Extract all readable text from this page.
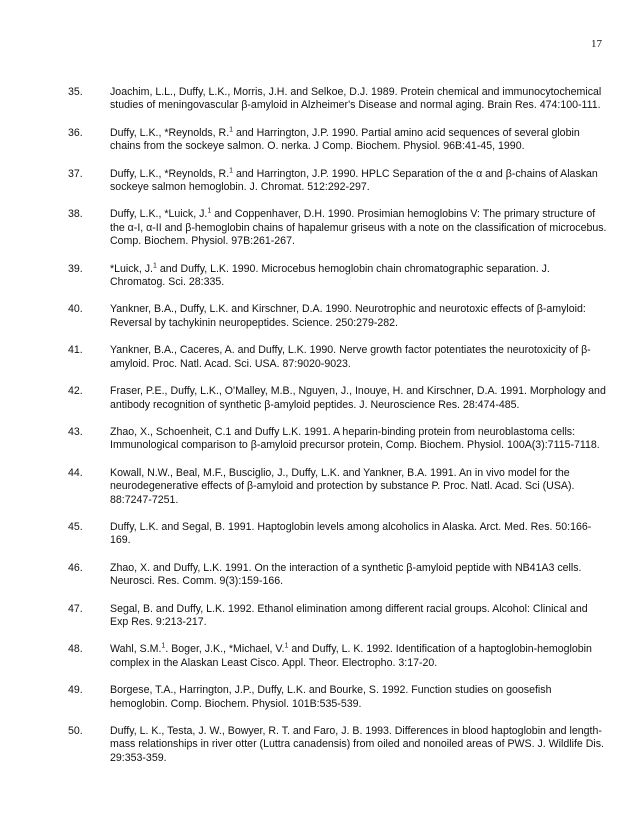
17
35.	Joachim, L.L., Duffy, L.K., Morris, J.H. and Selkoe, D.J. 1989. Protein chemical and immunocytochemical studies of meningovascular β-amyloid in Alzheimer's Disease and normal aging. Brain Res. 474:100-111.
36.	Duffy, L.K., *Reynolds, R.$^1$ and Harrington, J.P. 1990. Partial amino acid sequences of several globin chains from the sockeye salmon. O. nerka. J Comp. Biochem. Physiol. 96B:41-45, 1990.
37.	Duffy, L.K., *Reynolds, R.$^1$ and Harrington, J.P. 1990. HPLC Separation of the α and β-chains of Alaskan sockeye salmon hemoglobin. J. Chromat. 512:292-297.
38.	Duffy, L.K., *Luick, J.$^1$ and Coppenhaver, D.H. 1990. Prosimian hemoglobins V: The primary structure of the α-I, α-II and β-hemoglobin chains of hapalemur griseus with a note on the classification of microcebus. Comp. Biochem. Physiol. 97B:261-267.
39.	*Luick, J.$^1$ and Duffy, L.K. 1990. Microcebus hemoglobin chain chromatographic separation. J. Chromatog. Sci. 28:335.
40.	Yankner, B.A., Duffy, L.K. and Kirschner, D.A. 1990. Neurotrophic and neurotoxic effects of β-amyloid: Reversal by tachykinin neuropeptides. Science. 250:279-282.
41.	Yankner, B.A., Caceres, A. and Duffy, L.K. 1990. Nerve growth factor potentiates the neurotoxicity of β-amyloid. Proc. Natl. Acad. Sci. USA. 87:9020-9023.
42.	Fraser, P.E., Duffy, L.K., O'Malley, M.B., Nguyen, J., Inouye, H. and Kirschner, D.A. 1991. Morphology and antibody recognition of synthetic β-amyloid peptides. J. Neuroscience Res. 28:474-485.
43.	Zhao, X., Schoenheit, C.1 and Duffy L.K. 1991. A heparin-binding protein from neuroblastoma cells: Immunological comparison to β-amyloid precursor protein, Comp. Biochem. Physiol. 100A(3):7115-7118.
44.	Kowall, N.W., Beal, M.F., Busciglio, J., Duffy, L.K. and Yankner, B.A. 1991. An in vivo model for the neurodegenerative effects of β-amyloid and protection by substance P. Proc. Natl. Acad. Sci (USA). 88:7247-7251.
45.	Duffy, L.K. and Segal, B. 1991. Haptoglobin levels among alcoholics in Alaska. Arct. Med. Res. 50:166-169.
46.	Zhao, X. and Duffy, L.K. 1991. On the interaction of a synthetic β-amyloid peptide with NB41A3 cells. Neurosci. Res. Comm. 9(3):159-166.
47.	Segal, B. and Duffy, L.K. 1992. Ethanol elimination among different racial groups. Alcohol: Clinical and Exp Res. 9:213-217.
48.	Wahl, S.M.$^1$. Boger, J.K., *Michael, V.$^1$ and Duffy, L. K. 1992. Identification of a haptoglobin-hemoglobin complex in the Alaskan Least Cisco. Appl. Theor. Electropho. 3:17-20.
49.	Borgese, T.A., Harrington, J.P., Duffy, L.K. and Bourke, S. 1992. Function studies on goosefish hemoglobin. Comp. Biochem. Physiol. 101B:535-539.
50.	Duffy, L. K., Testa, J. W., Bowyer, R. T. and Faro, J. B. 1993. Differences in blood haptoglobin and length-mass relationships in river otter (Luttra canadensis) from oiled and nonoiled areas of PWS. J. Wildlife Dis. 29:353-359.
